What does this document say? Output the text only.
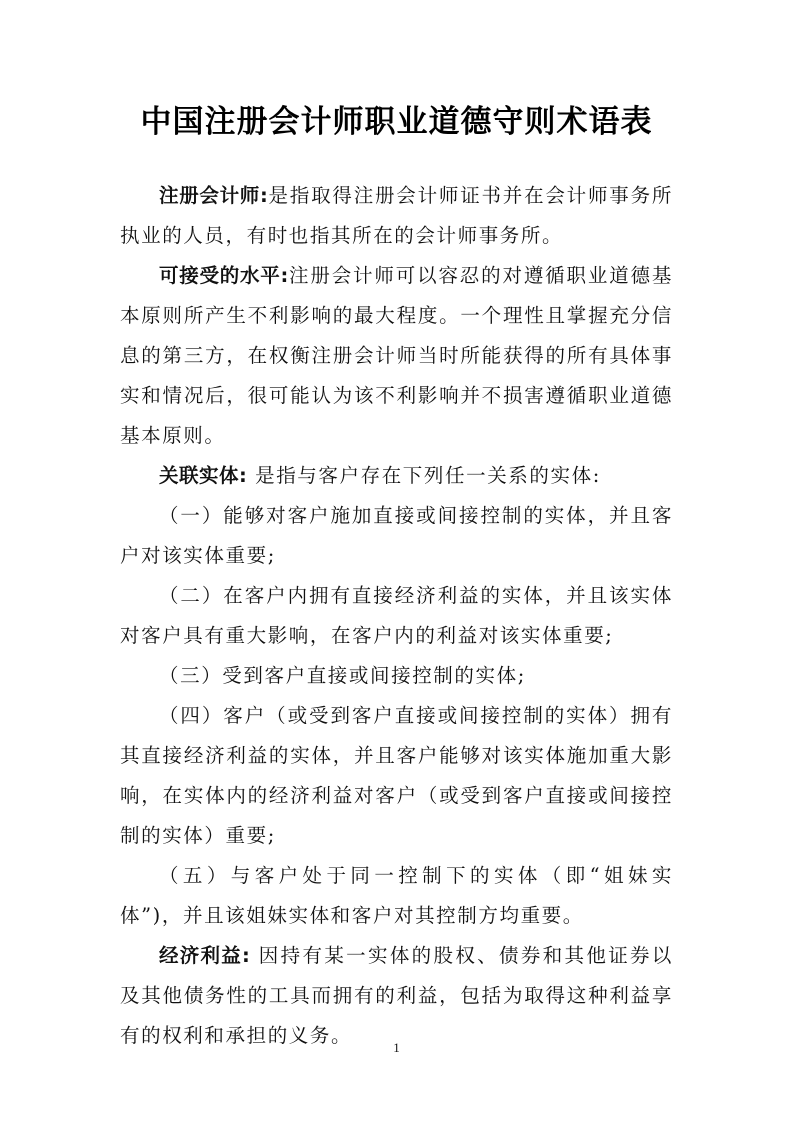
中国注册会计师职业道德守则术语表

注册会计师:是指取得注册会计师证书并在会计师事务所执业的人员，有时也指其所在的会计师事务所。

可接受的水平:注册会计师可以容忍的对遵循职业道德基本原则所产生不利影响的最大程度。一个理性且掌握充分信息的第三方，在权衡注册会计师当时所能获得的所有具体事实和情况后，很可能认为该不利影响并不损害遵循职业道德基本原则。

关联实体: 是指与客户存在下列任一关系的实体:

（一）能够对客户施加直接或间接控制的实体，并且客户对该实体重要;

（二）在客户内拥有直接经济利益的实体，并且该实体对客户具有重大影响，在客户内的利益对该实体重要;

（三）受到客户直接或间接控制的实体;

（四）客户（或受到客户直接或间接控制的实体）拥有其直接经济利益的实体，并且客户能够对该实体施加重大影响，在实体内的经济利益对客户（或受到客户直接或间接控制的实体）重要;

（五）与客户处于同一控制下的实体（即“姐妹实体”)，并且该姐妹实体和客户对其控制方均重要。

经济利益: 因持有某一实体的股权、债券和其他证券以及其他债务性的工具而拥有的利益，包括为取得这种利益享有的权利和承担的义务。

1
